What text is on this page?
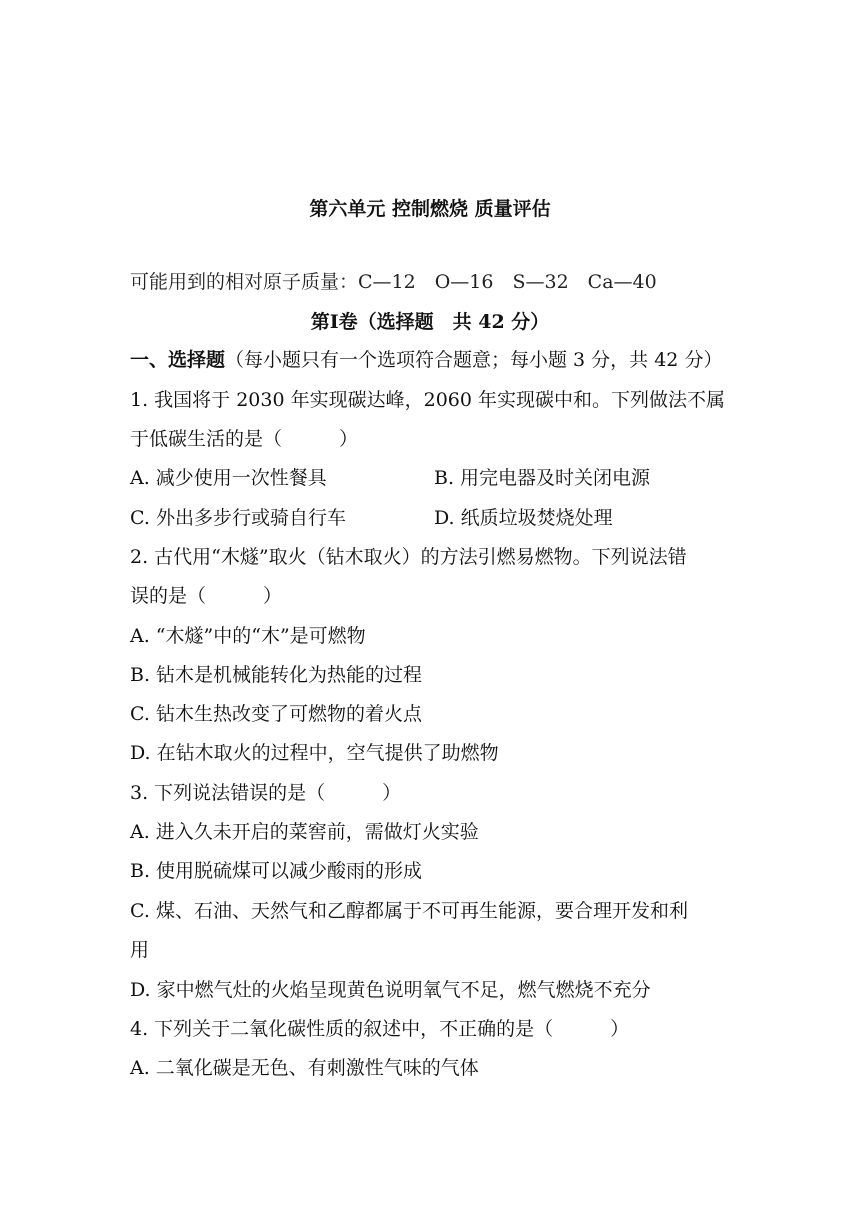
第六单元 控制燃烧 质量评估
可能用到的相对原子质量：C—12　O—16　S—32　Ca—40
第Ⅰ卷（选择题　共 42 分）
一、选择题（每小题只有一个选项符合题意；每小题 3 分，共 42 分）
1. 我国将于 2030 年实现碳达峰，2060 年实现碳中和。下列做法不属
于低碳生活的是（　　　）
A. 减少使用一次性餐具	B. 用完电器及时关闭电源
C. 外出多步行或骑自行车	D. 纸质垃圾焚烧处理
2. 古代用“木燧”取火（钻木取火）的方法引燃易燃物。下列说法错
误的是（　　　）
A. “木燧”中的“木”是可燃物
B. 钻木是机械能转化为热能的过程
C. 钻木生热改变了可燃物的着火点
D. 在钻木取火的过程中，空气提供了助燃物
3. 下列说法错误的是（　　　）
A. 进入久未开启的菜窖前，需做灯火实验
B. 使用脱硫煤可以减少酸雨的形成
C. 煤、石油、天然气和乙醇都属于不可再生能源，要合理开发和利
用
D. 家中燃气灶的火焰呈现黄色说明氧气不足，燃气燃烧不充分
4. 下列关于二氧化碳性质的叙述中，不正确的是（　　　）
A. 二氧化碳是无色、有刺激性气味的气体
